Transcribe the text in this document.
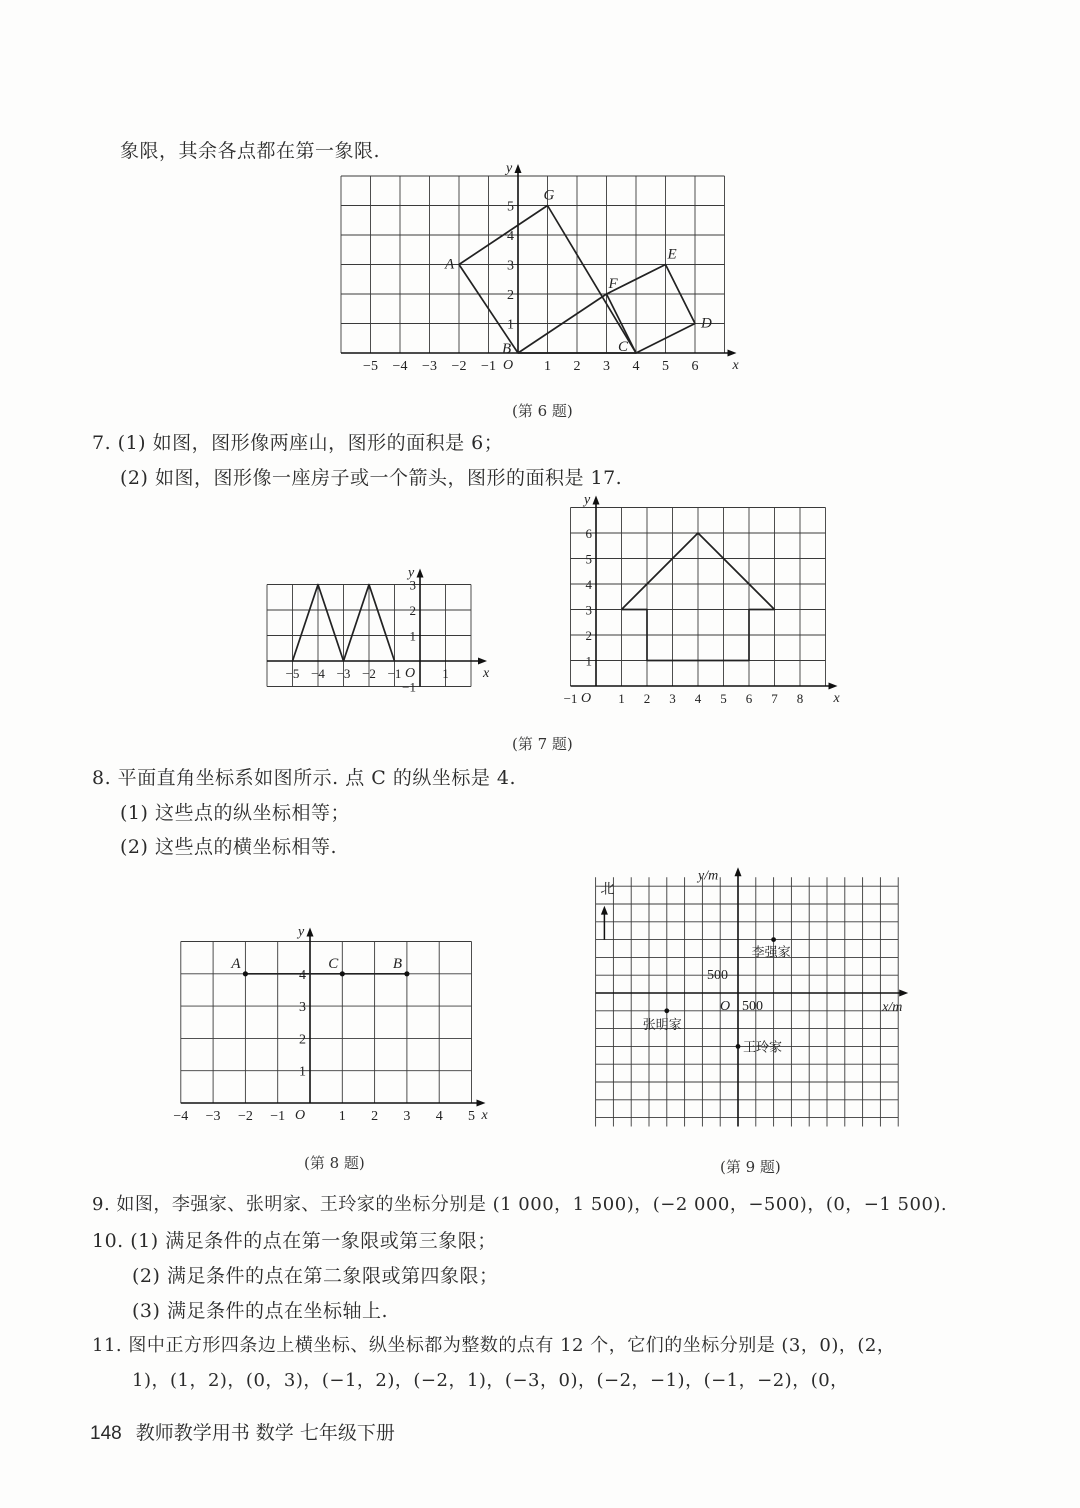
象限，其余各点都在第一象限.
x
y
O
−5 −4 −3 −2 −1	1 2 3 4 5 6
1
2
3
4
5
A
B	C
D
E
F
G
(第 6 题)
7. (1) 如图，图形像两座山，图形的面积是 6；
(2) 如图，图形像一座房子或一个箭头，图形的面积是 17.
x
y
O
−5 −4 −3 −2 −1	1
1
2
3
−1
x
y
O
−1	1 2 3 4 5 6 7 8
1
2
3
4
5
6
(第 7 题)
8. 平面直角坐标系如图所示. 点 C 的纵坐标是 4.
(1) 这些点的纵坐标相等；
(2) 这些点的横坐标相等.
x
y
O
−4 −3 −2 −1	1 2 3 4 5
1
2
3
4
A	C	B
(第 8 题)
x/m
y/m
O 500
500
北
李强家
张明家
王玲家
(第 9 题)
9. 如图，李强家、张明家、王玲家的坐标分别是 (1 000，1 500)，(−2 000，−500)，(0，−1 500).
10. (1) 满足条件的点在第一象限或第三象限；
(2) 满足条件的点在第二象限或第四象限；
(3) 满足条件的点在坐标轴上.
11. 图中正方形四条边上横坐标、纵坐标都为整数的点有 12 个，它们的坐标分别是 (3，0)，(2，
1)，(1，2)，(0，3)，(−1，2)，(−2，1)，(−3，0)，(−2，−1)，(−1，−2)，(0，
148 教师教学用书 数学 七年级下册
